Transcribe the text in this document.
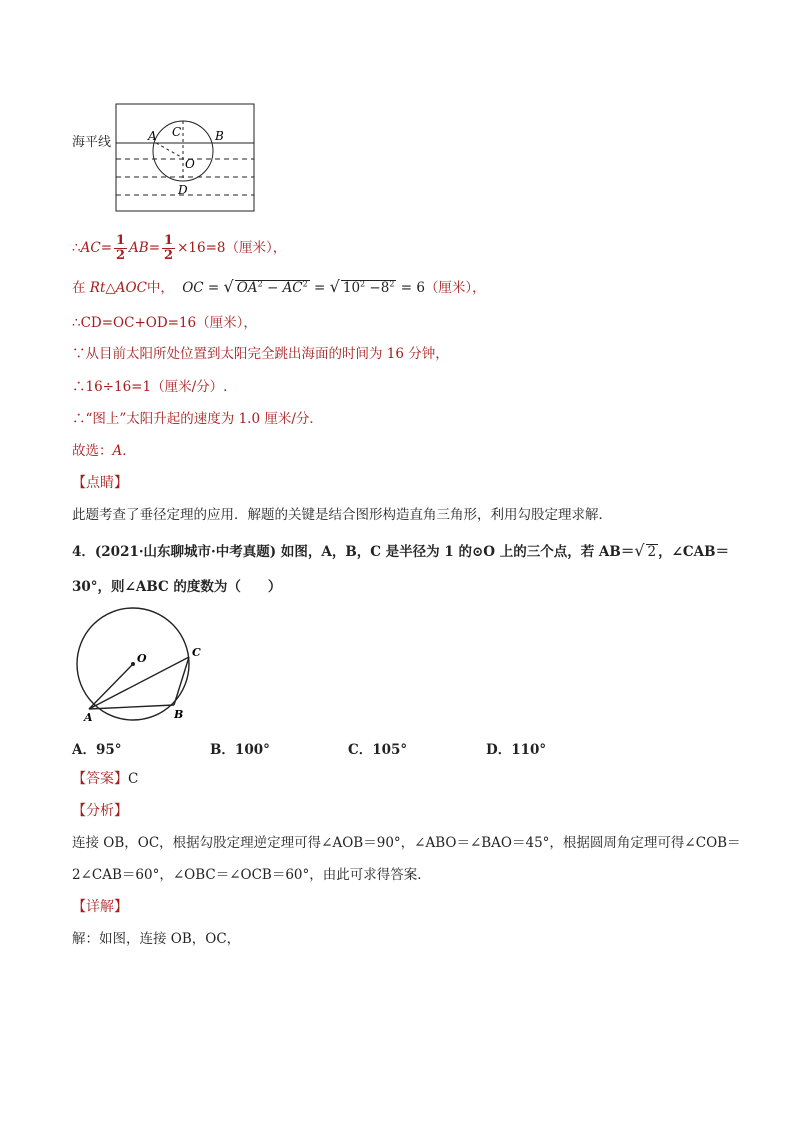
海平线	A C	B
O
D
∴AC= $\frac{1}{2} AB= \frac{1}{2} \times 16=8$（厘米），
在 Rt△AOC中， OC = √ $OA^2 - AC^2$ = √ $10^2 -8^2 = 6$（厘米），
∴CD=OC+OD=16（厘米），
∵从目前太阳所处位置到太阳完全跳出海面的时间为 16 分钟，
∴16÷16=1（厘米/分）.
∴“图上”太阳升起的速度为 1.0 厘米/分．
故选：A．
【点睛】
此题考查了垂径定理的应用．解题的关键是结合图形构造直角三角形，利用勾股定理求解．
4．(2021·山东聊城市·中考真题) 如图，A，B，C 是半径为 1 的⊙O 上的三个点，若 AB＝√ 2 ，∠CAB＝
30°，则∠ABC 的度数为（　　）
O
A	B
C
A．95°	B．100°	C．105°	D．110°
【答案】C
【分析】
连接 OB，OC，根据勾股定理逆定理可得∠AOB＝90°，∠ABO＝∠BAO＝45°，根据圆周角定理可得∠COB＝
2∠CAB＝60°，∠OBC＝∠OCB＝60°，由此可求得答案．
【详解】
解：如图，连接 OB，OC，
